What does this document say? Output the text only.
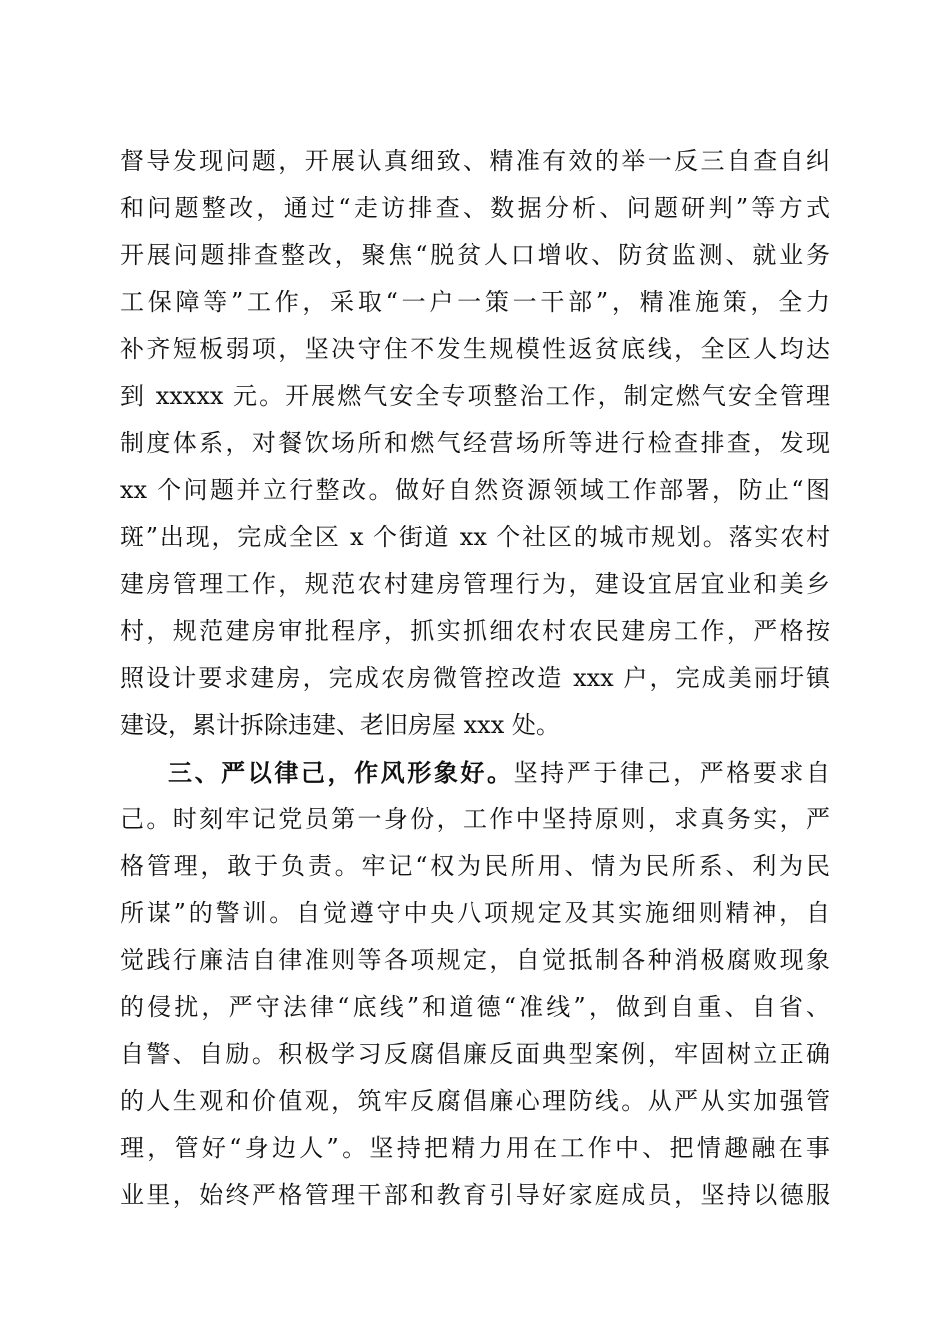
督导发现问题，开展认真细致、精准有效的举一反三自查自纠
和问题整改，通过“走访排查、数据分析、问题研判”等方式
开展问题排查整改，聚焦“脱贫人口增收、防贫监测、就业务
工保障等”工作，采取“一户一策一干部”，精准施策，全力
补齐短板弱项，坚决守住不发生规模性返贫底线，全区人均达
到 xxxxx 元。开展燃气安全专项整治工作，制定燃气安全管理
制度体系，对餐饮场所和燃气经营场所等进行检查排查，发现
xx 个问题并立行整改。做好自然资源领域工作部署，防止“图
斑”出现，完成全区 x 个街道 xx 个社区的城市规划。落实农村
建房管理工作，规范农村建房管理行为，建设宜居宜业和美乡
村，规范建房审批程序，抓实抓细农村农民建房工作，严格按
照设计要求建房，完成农房微管控改造 xxx 户，完成美丽圩镇
建设，累计拆除违建、老旧房屋 xxx 处。
三、严以律己，作风形象好。坚持严于律己，严格要求自
己。时刻牢记党员第一身份，工作中坚持原则，求真务实，严
格管理，敢于负责。牢记“权为民所用、情为民所系、利为民
所谋”的警训。自觉遵守中央八项规定及其实施细则精神，自
觉践行廉洁自律准则等各项规定，自觉抵制各种消极腐败现象
的侵扰，严守法律“底线”和道德“准线”，做到自重、自省、
自警、自励。积极学习反腐倡廉反面典型案例，牢固树立正确
的人生观和价值观，筑牢反腐倡廉心理防线。从严从实加强管
理，管好“身边人”。坚持把精力用在工作中、把情趣融在事
业里，始终严格管理干部和教育引导好家庭成员，坚持以德服
